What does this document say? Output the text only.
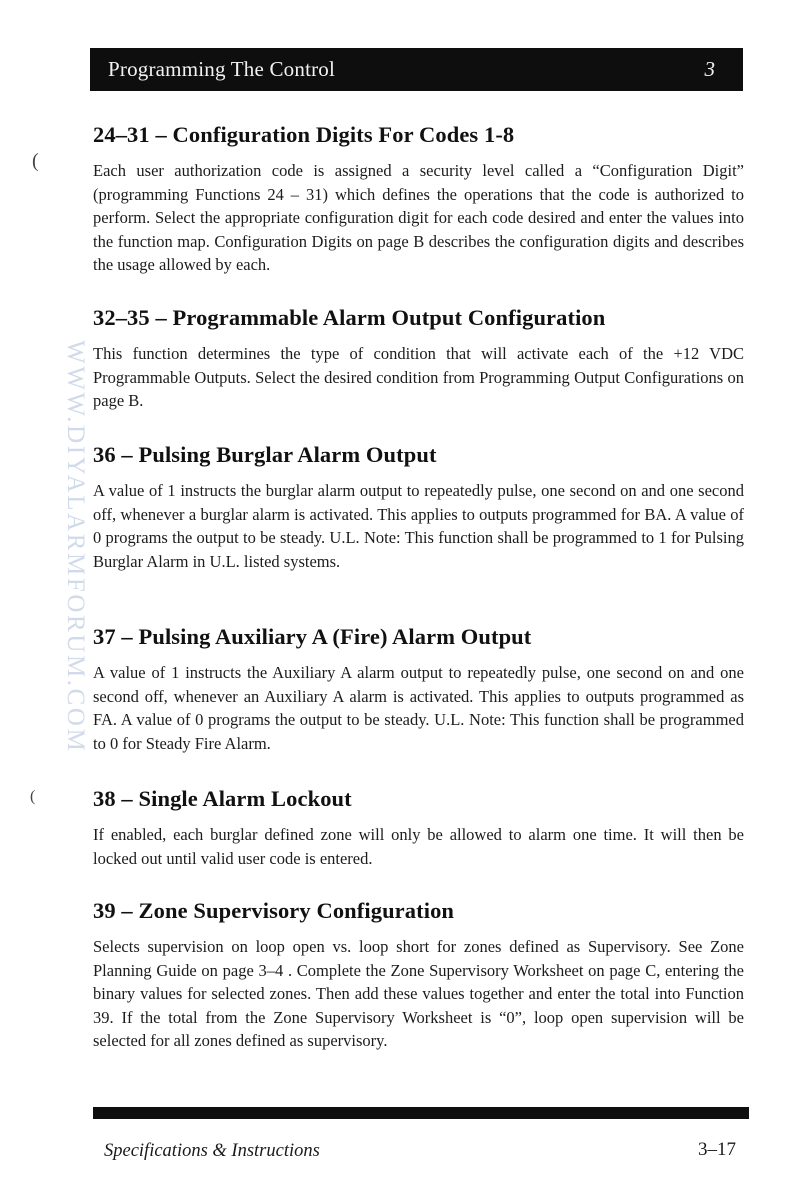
Programming The Control	3
WWW.DIYALARMFORUM.COM
(
(
24–31 – Configuration Digits For Codes 1-8

Each user authorization code is assigned a security level called a “Configuration Digit” (programming Functions 24 – 31) which defines the operations that the code is authorized to perform. Select the appropriate configuration digit for each code desired and enter the values into the function map. Configuration Digits on page B describes the configuration digits and describes the usage allowed by each.

32–35 – Programmable Alarm Output Configuration

This function determines the type of condition that will activate each of the +12 VDC Programmable Outputs. Select the desired condition from Programming Output Configurations on page B.

36 – Pulsing Burglar Alarm Output

A value of 1 instructs the burglar alarm output to repeatedly pulse, one second on and one second off, whenever a burglar alarm is activated. This applies to outputs programmed for BA. A value of 0 programs the output to be steady. U.L. Note: This function shall be programmed to 1 for Pulsing Burglar Alarm in U.L. listed systems.

37 – Pulsing Auxiliary A (Fire) Alarm Output

A value of 1 instructs the Auxiliary A alarm output to repeatedly pulse, one second on and one second off, whenever an Auxiliary A alarm is activated. This applies to outputs programmed as FA. A value of 0 programs the output to be steady. U.L. Note: This function shall be programmed to 0 for Steady Fire Alarm.

38 – Single Alarm Lockout

If enabled, each burglar defined zone will only be allowed to alarm one time. It will then be locked out until valid user code is entered.

39 – Zone Supervisory Configuration

Selects supervision on loop open vs. loop short for zones defined as Supervisory. See Zone Planning Guide on page 3–4 . Complete the Zone Supervisory Worksheet on page C, entering the binary values for selected zones. Then add these values together and enter the total into Function 39. If the total from the Zone Supervisory Worksheet is “0”, loop open supervision will be selected for all zones defined as supervisory.

Specifications & Instructions	3–17
